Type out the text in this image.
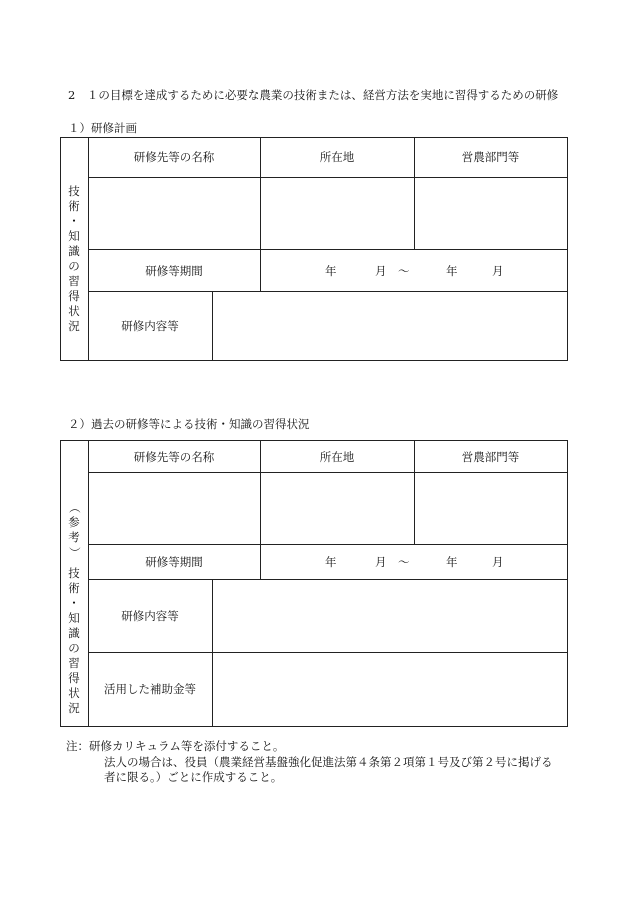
2　１の目標を達成するために必要な農業の技術または、経営方法を実地に習得するための研修
１）研修計画
技
術
・
知
識
の
習
得
状
況
研修先等の名称	所在地	営農部門等
研修等期間	年	月 ～	年	月
研修内容等
２）過去の研修等による技術・知識の習得状況
（
参
考
）
技
術
・
知
識
の
習
得
状
況
研修先等の名称	所在地	営農部門等
研修等期間	年	月 ～	年	月
研修内容等
活用した補助金等
注：研修カリキュラム等を添付すること。
法人の場合は、役員（農業経営基盤強化促進法第４条第２項第１号及び第２号に掲げる
者に限る。）ごとに作成すること。
